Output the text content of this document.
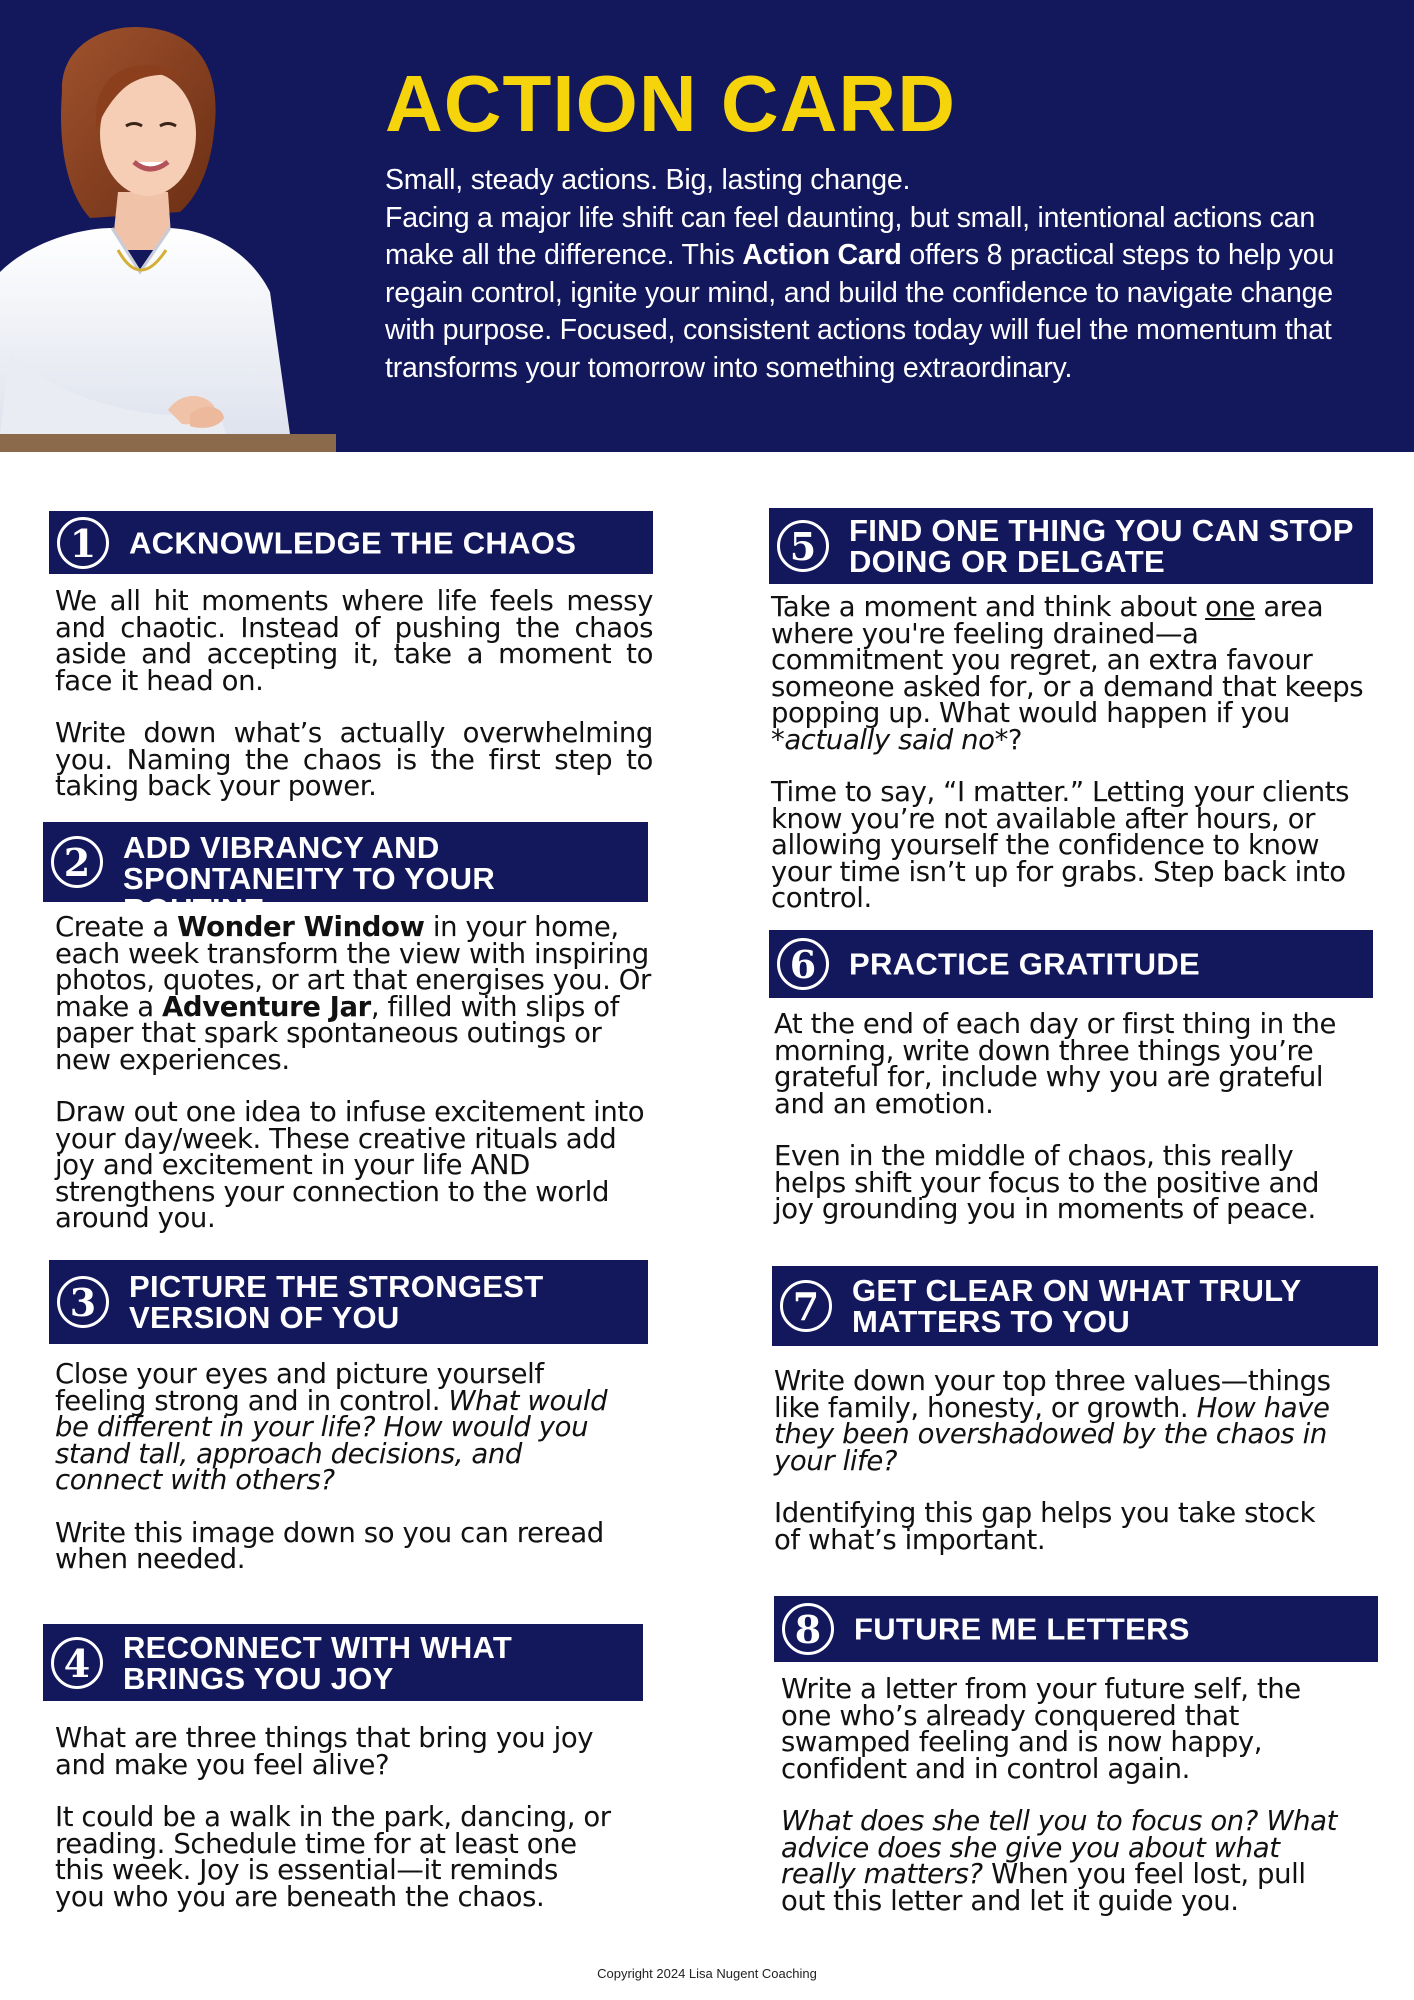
ACTION CARD

Small, steady actions. Big, lasting change.

Facing a major life shift can feel daunting, but small, intentional actions can make all the difference. This Action Card offers 8 practical steps to help you regain control, ignite your mind, and build the confidence to navigate change with purpose. Focused, consistent actions today will fuel the momentum that transforms your tomorrow into something extraordinary.

1	ACKNOWLEDGE THE CHAOS

We all hit moments where life feels messy and chaotic. Instead of pushing the chaos aside and accepting it, take a moment to face it head on.

Write down what’s actually overwhelming you. Naming the chaos is the first step to taking back your power.

2	ADD VIBRANCY AND SPONTANEITY TO YOUR ROUTINE

Create a Wonder Window in your home, each week transform the view with inspiring photos, quotes, or art that energises you. Or make a Adventure Jar, filled with slips of paper that spark spontaneous outings or new experiences.

Draw out one idea to infuse excitement into your day/week. These creative rituals add joy and excitement in your life AND strengthens your connection to the world around you.

3	PICTURE THE STRONGEST VERSION OF YOU

Close your eyes and picture yourself feeling strong and in control. What would be different in your life? How would you stand tall, approach decisions, and connect with others?

Write this image down so you can reread when needed.

4	RECONNECT WITH WHAT BRINGS YOU JOY

What are three things that bring you joy and make you feel alive?

It could be a walk in the park, dancing, or reading. Schedule time for at least one this week. Joy is essential—it reminds you who you are beneath the chaos.

5	FIND ONE THING YOU CAN STOP DOING OR DELGATE

Take a moment and think about one area where you're feeling drained—a commitment you regret, an extra favour someone asked for, or a demand that keeps popping up. What would happen if you *actually said no*?

Time to say, “I matter.” Letting your clients know you’re not available after hours, or allowing yourself the confidence to know your time isn’t up for grabs. Step back into control.

6	PRACTICE GRATITUDE

At the end of each day or first thing in the morning, write down three things you’re grateful for, include why you are grateful and an emotion.

Even in the middle of chaos, this really helps shift your focus to the positive and joy grounding you in moments of peace.

7	GET CLEAR ON WHAT TRULY MATTERS TO YOU

Write down your top three values—things like family, honesty, or growth. How have they been overshadowed by the chaos in your life?

Identifying this gap helps you take stock of what’s important.

8	FUTURE ME LETTERS

Write a letter from your future self, the one who’s already conquered that swamped feeling and is now happy, confident and in control again.

What does she tell you to focus on? What advice does she give you about what really matters? When you feel lost, pull out this letter and let it guide you.

Copyright 2024 Lisa Nugent Coaching
